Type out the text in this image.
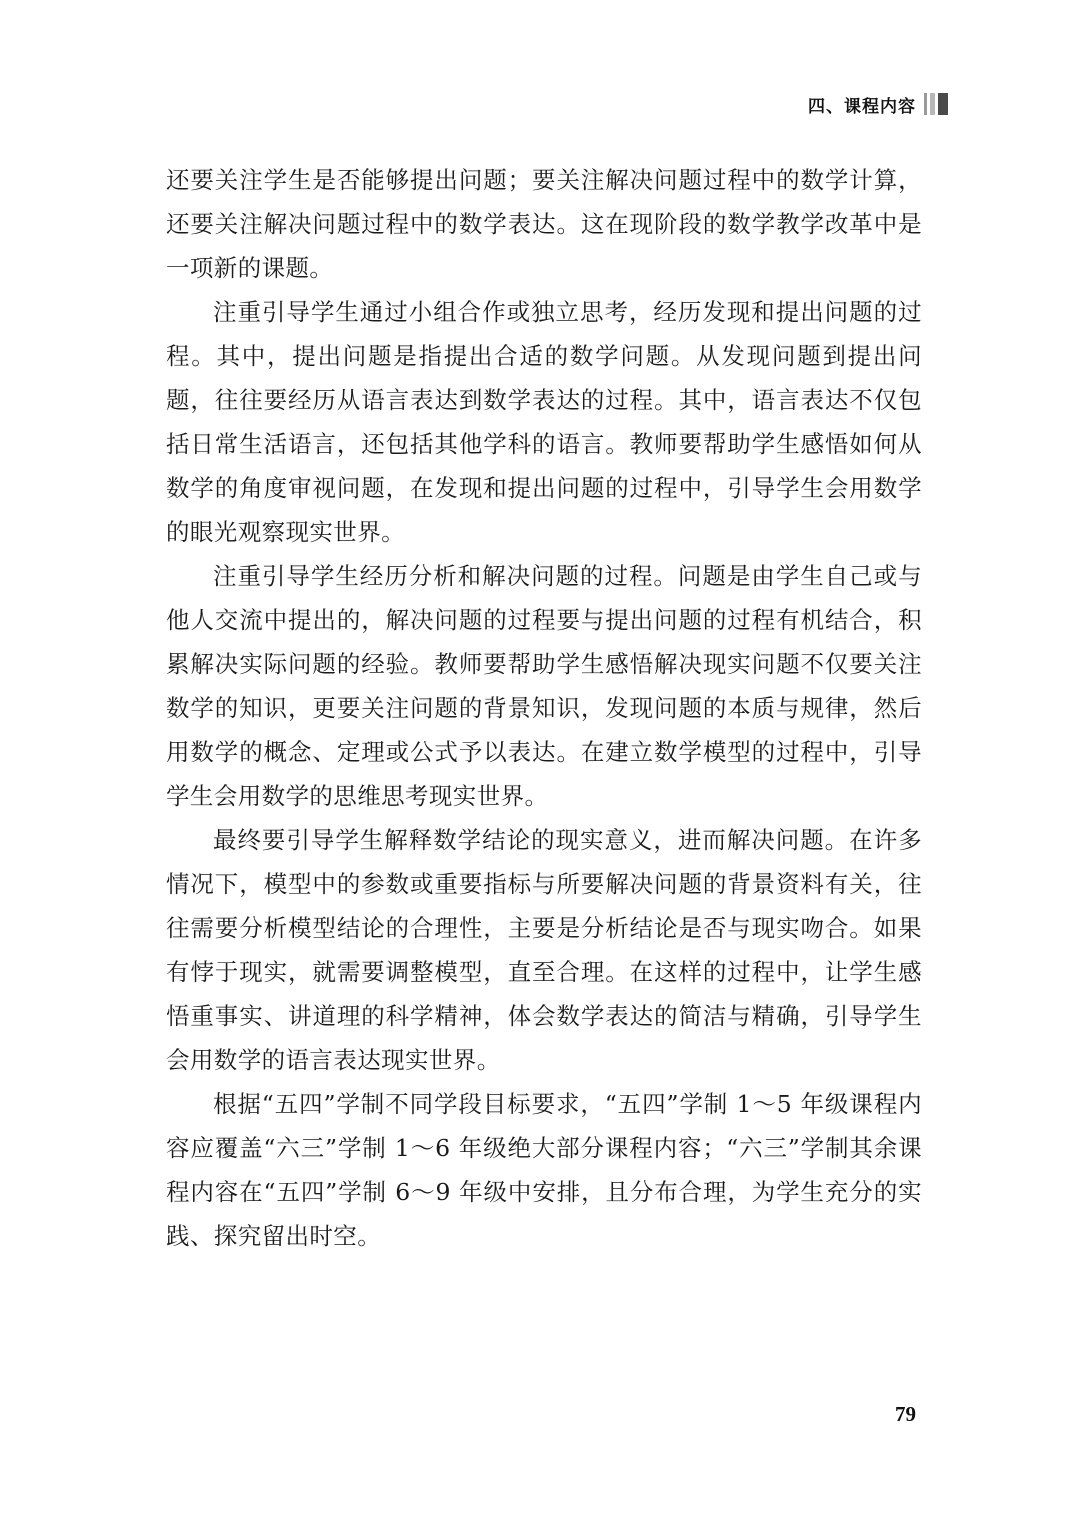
四、课程内容

还要关注学生是否能够提出问题；要关注解决问题过程中的数学计算，还要关注解决问题过程中的数学表达。这在现阶段的数学教学改革中是一项新的课题。

注重引导学生通过小组合作或独立思考，经历发现和提出问题的过程。其中，提出问题是指提出合适的数学问题。从发现问题到提出问题，往往要经历从语言表达到数学表达的过程。其中，语言表达不仅包括日常生活语言，还包括其他学科的语言。教师要帮助学生感悟如何从数学的角度审视问题，在发现和提出问题的过程中，引导学生会用数学的眼光观察现实世界。

注重引导学生经历分析和解决问题的过程。问题是由学生自己或与他人交流中提出的，解决问题的过程要与提出问题的过程有机结合，积累解决实际问题的经验。教师要帮助学生感悟解决现实问题不仅要关注数学的知识，更要关注问题的背景知识，发现问题的本质与规律，然后用数学的概念、定理或公式予以表达。在建立数学模型的过程中，引导学生会用数学的思维思考现实世界。

最终要引导学生解释数学结论的现实意义，进而解决问题。在许多情况下，模型中的参数或重要指标与所要解决问题的背景资料有关，往往需要分析模型结论的合理性，主要是分析结论是否与现实吻合。如果有悖于现实，就需要调整模型，直至合理。在这样的过程中，让学生感悟重事实、讲道理的科学精神，体会数学表达的简洁与精确，引导学生会用数学的语言表达现实世界。

根据“五四”学制不同学段目标要求，“五四”学制 1～5 年级课程内容应覆盖“六三”学制 1～6 年级绝大部分课程内容；“六三”学制其余课程内容在“五四”学制 6～9 年级中安排，且分布合理，为学生充分的实践、探究留出时空。

79
